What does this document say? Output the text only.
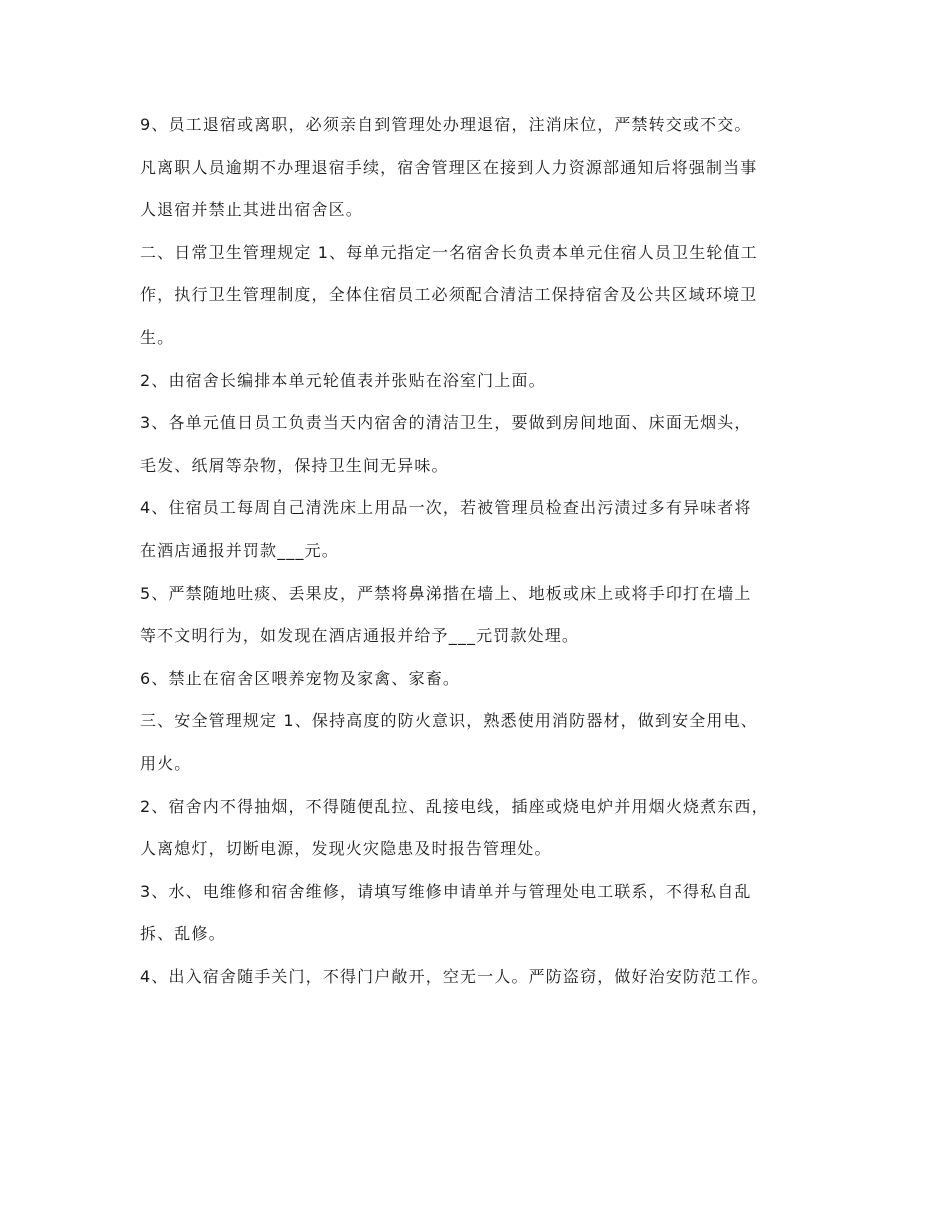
9、员工退宿或离职，必须亲自到管理处办理退宿，注消床位，严禁转交或不交。
凡离职人员逾期不办理退宿手续，宿舍管理区在接到人力资源部通知后将强制当事
人退宿并禁止其进出宿舍区。
二、日常卫生管理规定 1、每单元指定一名宿舍长负责本单元住宿人员卫生轮值工
作，执行卫生管理制度，全体住宿员工必须配合清洁工保持宿舍及公共区域环境卫
生。
2、由宿舍长编排本单元轮值表并张贴在浴室门上面。
3、各单元值日员工负责当天内宿舍的清洁卫生，要做到房间地面、床面无烟头，
毛发、纸屑等杂物，保持卫生间无异味。
4、住宿员工每周自己清洗床上用品一次，若被管理员检查出污渍过多有异味者将
在酒店通报并罚款___元。
5、严禁随地吐痰、丢果皮，严禁将鼻涕揩在墙上、地板或床上或将手印打在墙上
等不文明行为，如发现在酒店通报并给予___元罚款处理。
6、禁止在宿舍区喂养宠物及家禽、家畜。
三、安全管理规定 1、保持高度的防火意识，熟悉使用消防器材，做到安全用电、
用火。
2、宿舍内不得抽烟，不得随便乱拉、乱接电线，插座或烧电炉并用烟火烧煮东西，
人离熄灯，切断电源，发现火灾隐患及时报告管理处。
3、水、电维修和宿舍维修，请填写维修申请单并与管理处电工联系，不得私自乱
拆、乱修。
4、出入宿舍随手关门，不得门户敞开，空无一人。严防盗窃，做好治安防范工作。
